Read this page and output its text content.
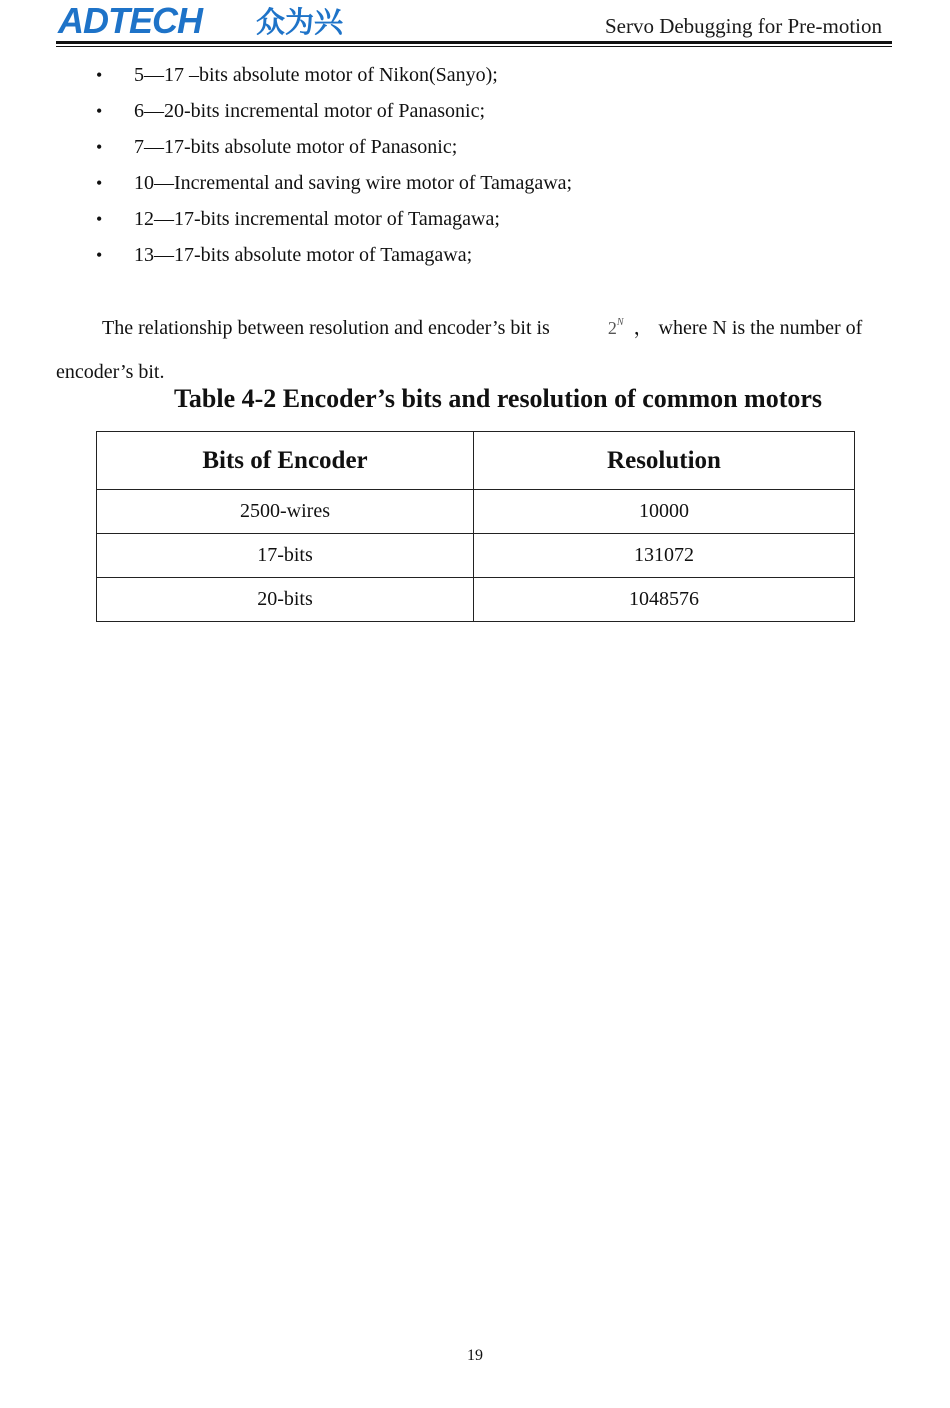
ADTECH 众为兴	Servo Debugging for Pre-motion
• 5—17 –bits absolute motor of Nikon(Sanyo);
• 6—20-bits incremental motor of Panasonic;
• 7—17-bits absolute motor of Panasonic;
• 10—Incremental and saving wire motor of Tamagawa;
• 12—17-bits incremental motor of Tamagawa;
• 13—17-bits absolute motor of Tamagawa;

The relationship between resolution and encoder’s bit is	$2^N$ ， where N is the number of

encoder’s bit.

Table 4-2 Encoder’s bits and resolution of common motors
Bits of Encoder	Resolution
2500-wires	10000
17-bits	131072
20-bits	1048576
19
